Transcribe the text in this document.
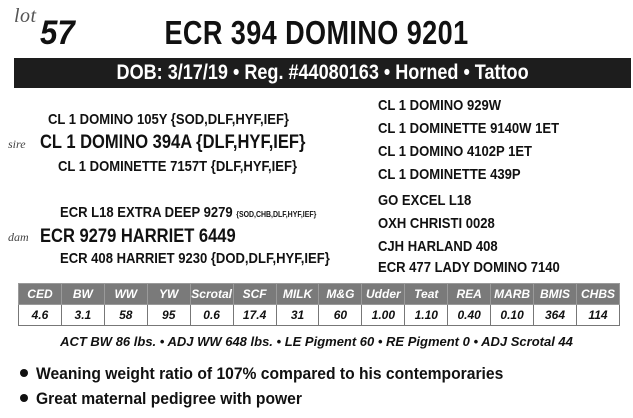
lot 57	ECR 394 DOMINO 9201
DOB: 3/17/19 • Reg. #44080163 • Horned • Tattoo
CL 1 DOMINO 105Y {SOD,DLF,HYF,IEF}
sire CL 1 DOMINO 394A {DLF,HYF,IEF}
CL 1 DOMINETTE 7157T {DLF,HYF,IEF}
ECR L18 EXTRA DEEP 9279 {SOD,CHB,DLF,HYF,IEF}
dam ECR 9279 HARRIET 6449
ECR 408 HARRIET 9230 {DOD,DLF,HYF,IEF}
CL 1 DOMINO 929W
CL 1 DOMINETTE 9140W 1ET
CL 1 DOMINO 4102P 1ET
CL 1 DOMINETTE 439P
GO EXCEL L18
OXH CHRISTI 0028
CJH HARLAND 408
ECR 477 LADY DOMINO 7140
CED	BW	WW	YW	Scrotal	SCF	MILK	M&G	Udder	Teat	REA	MARB	BMIS	CHBS
4.6	3.1	58	95	0.6	17.4	31	60	1.00	1.10	0.40	0.10	364	114
ACT BW 86 lbs. • ADJ WW 648 lbs. • LE Pigment 60 • RE Pigment 0 • ADJ Scrotal 44
Weaning weight ratio of 107% compared to his contemporaries
Great maternal pedigree with power
